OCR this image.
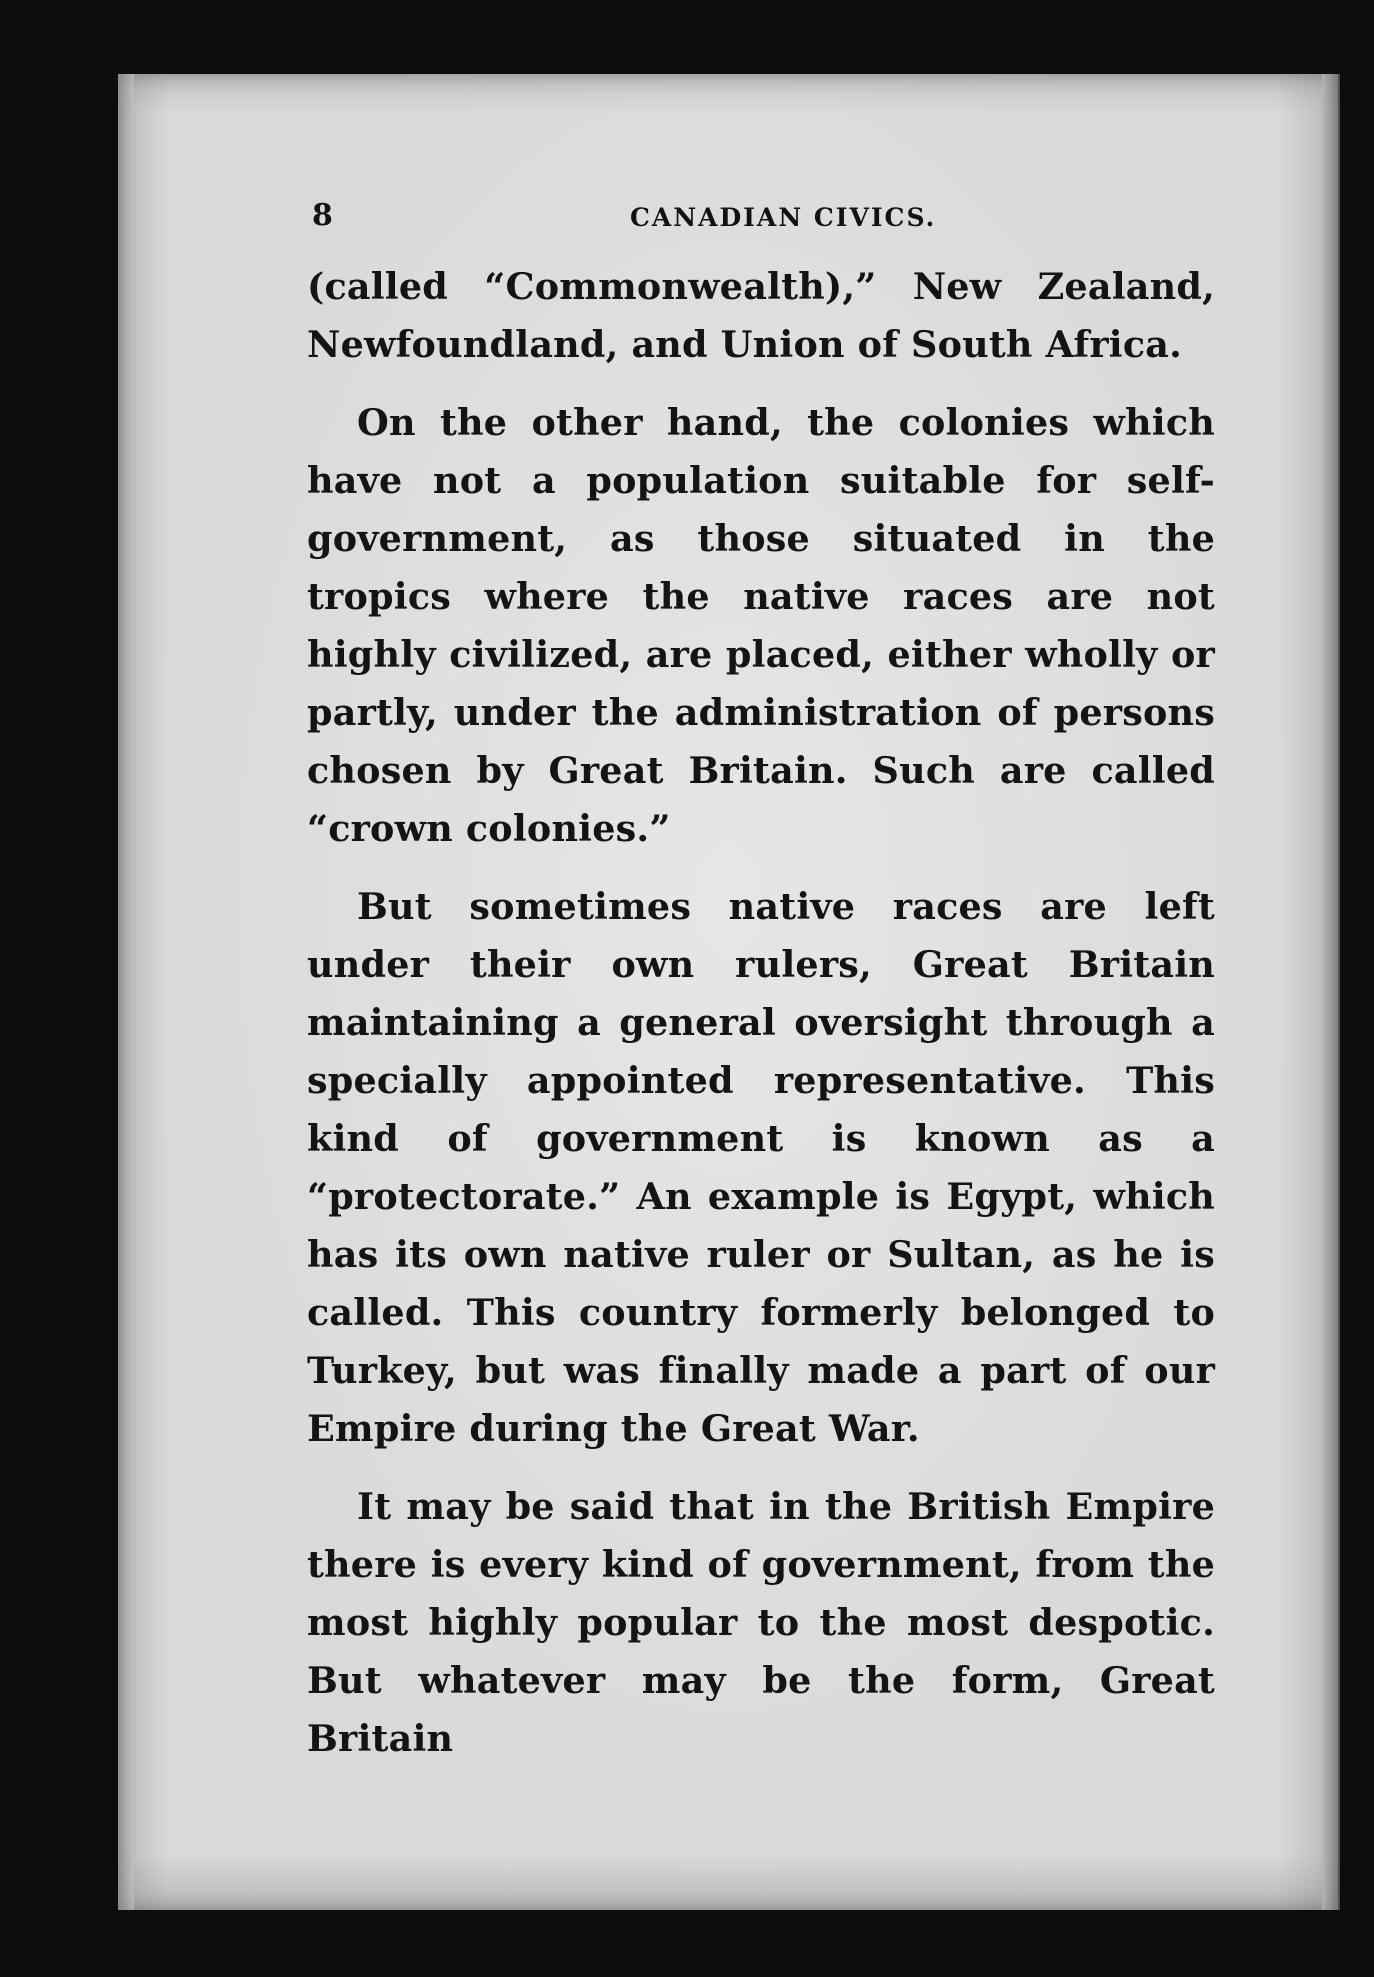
8	CANADIAN CIVICS.

(called “Commonwealth),” New Zealand, Newfoundland, and Union of South Africa.

On the other hand, the colonies which have not a population suitable for self-government, as those situated in the tropics where the native races are not highly civilized, are placed, either wholly or partly, under the administration of persons chosen by Great Britain. Such are called “crown colonies.”

But sometimes native races are left under their own rulers, Great Britain maintaining a general oversight through a specially appointed representative. This kind of government is known as a “protectorate.” An example is Egypt, which has its own native ruler or Sultan, as he is called. This country formerly belonged to Turkey, but was finally made a part of our Empire during the Great War.

It may be said that in the British Empire there is every kind of government, from the most highly popular to the most despotic. But whatever may be the form, Great Britain
